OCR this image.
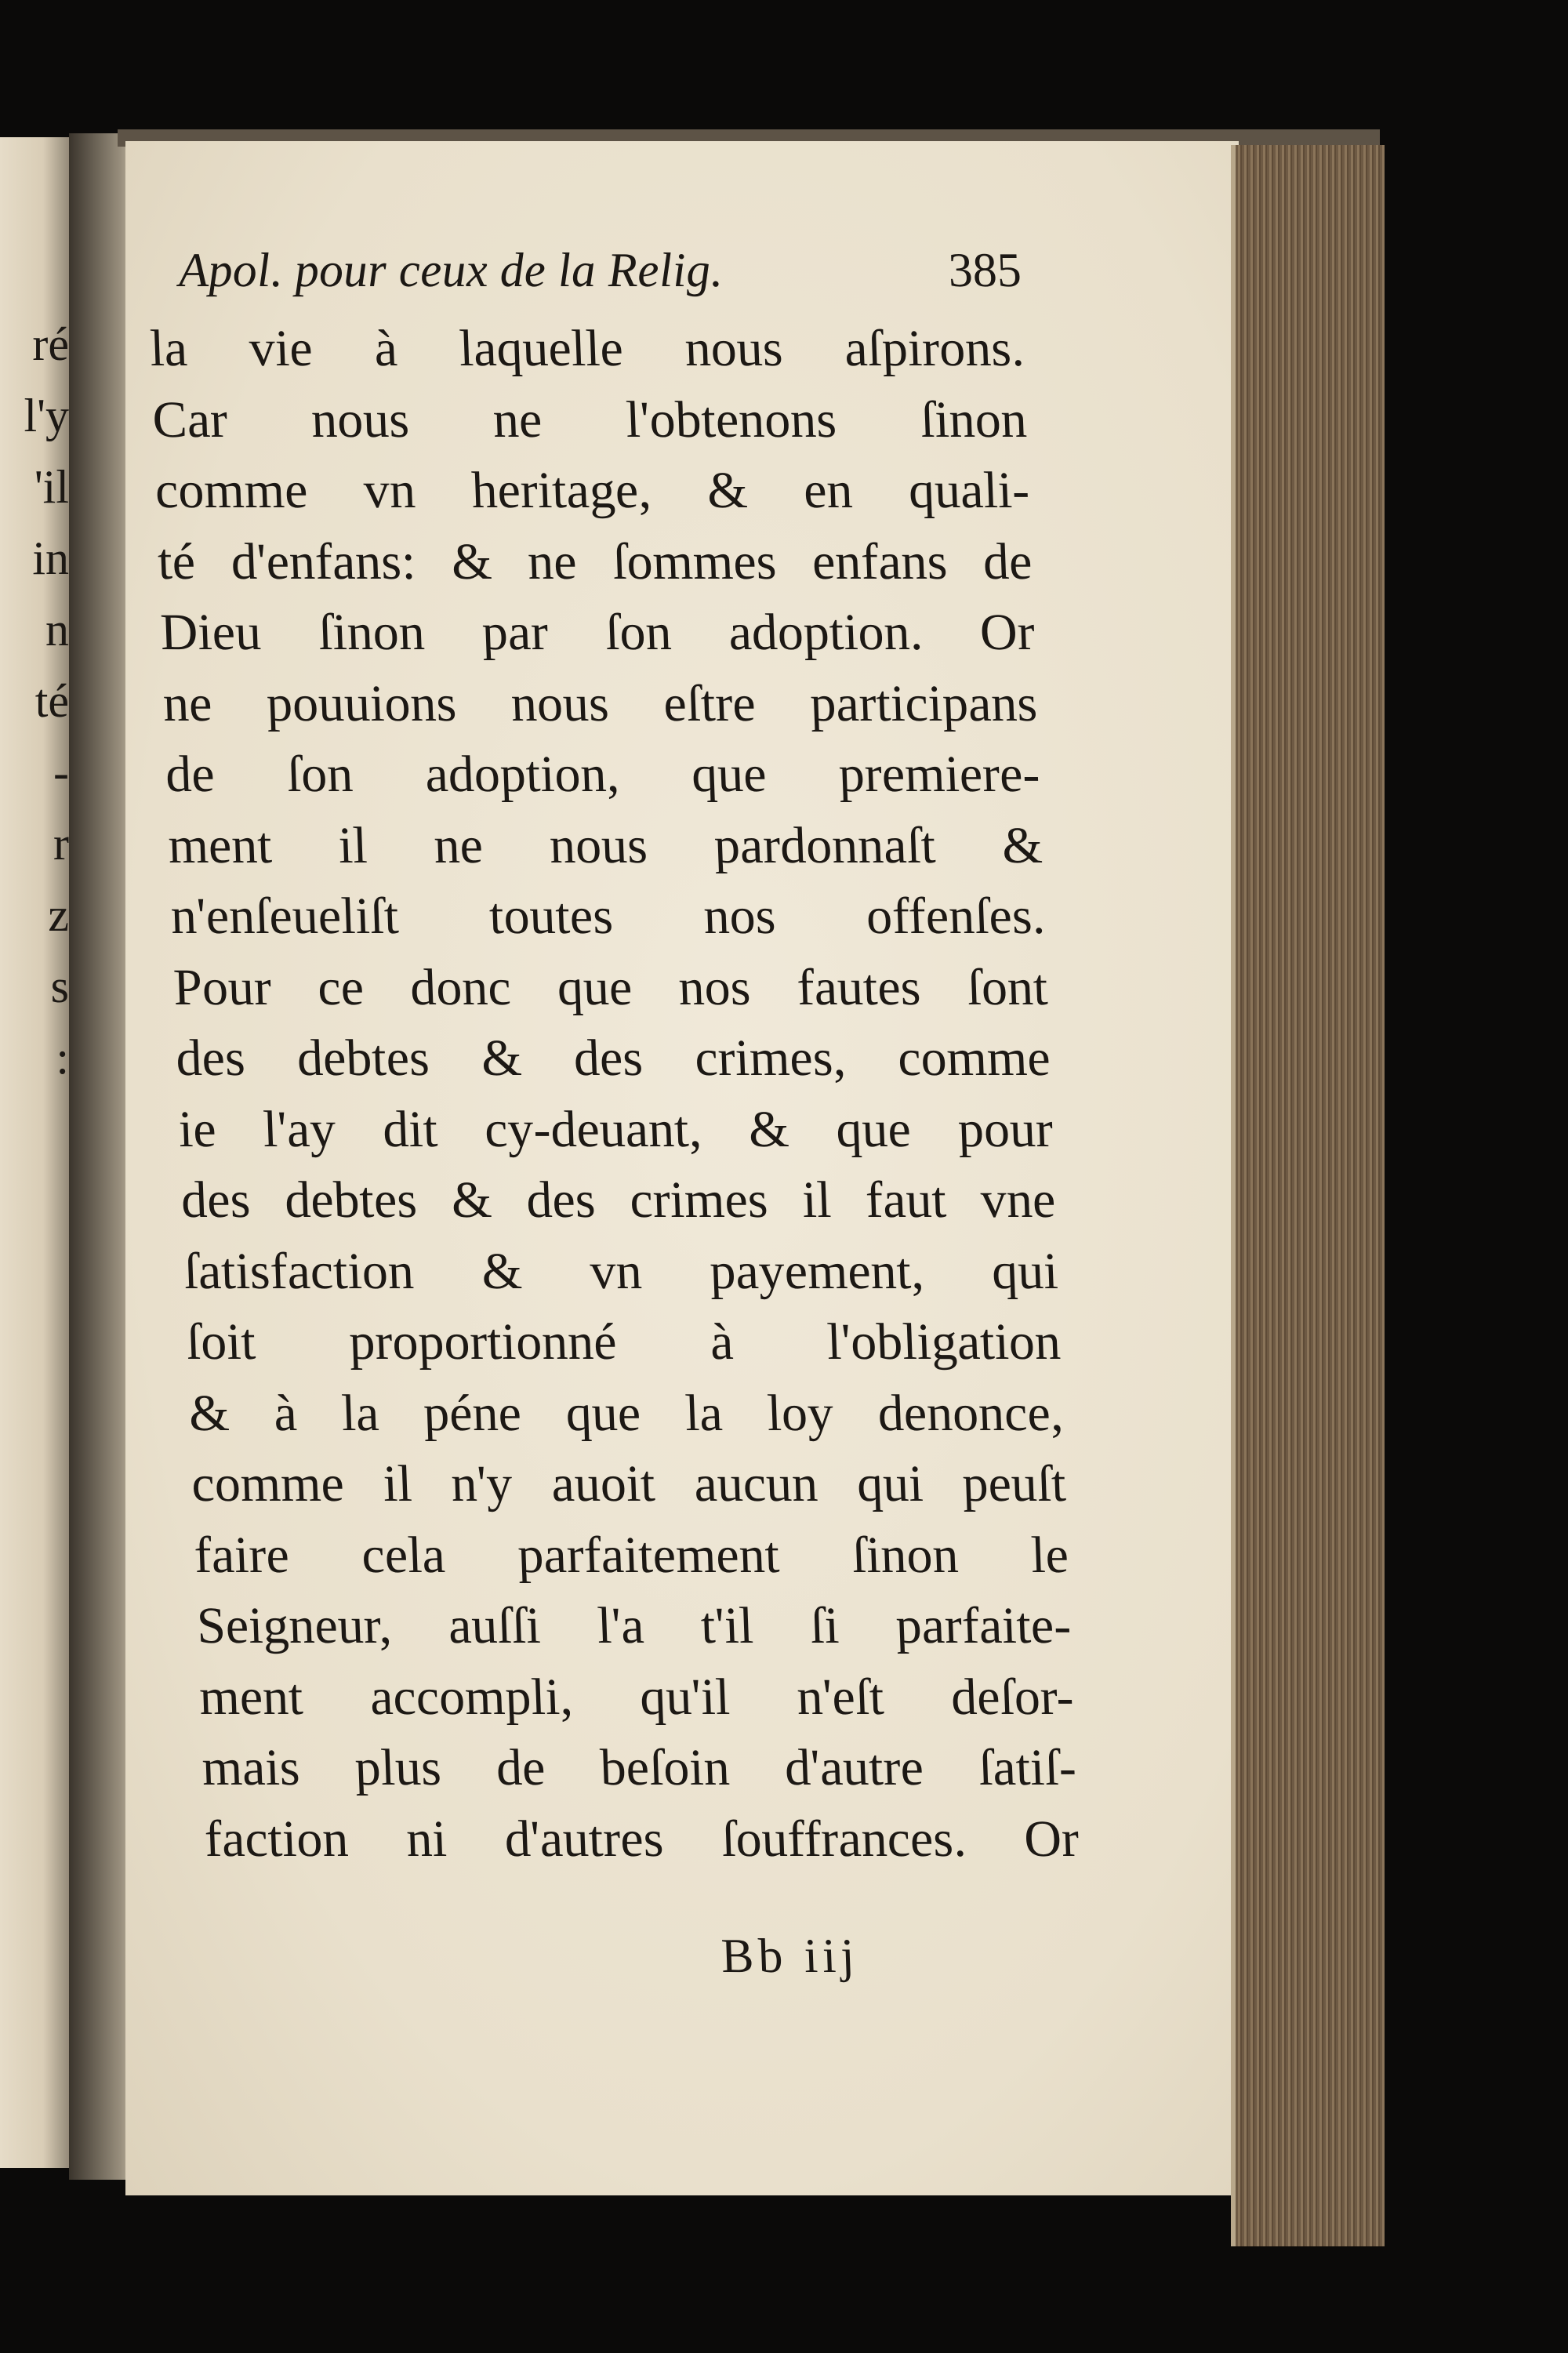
ré
l'y
'il
in
n
té
-
r
z
s
:
Apol. pour ceux de la Relig.	385
la vie à laquelle nous aſpirons.
Car nous ne l'obtenons ſinon
comme vn heritage, & en quali-
té d'enfans: & ne ſommes enfans de
Dieu ſinon par ſon adoption. Or
ne pouuions nous eſtre participans
de ſon adoption, que premiere-
ment il ne nous pardonnaſt &
n'enſeueliſt toutes nos offenſes.
Pour ce donc que nos fautes ſont
des debtes & des crimes, comme
ie l'ay dit cy-deuant, & que pour
des debtes & des crimes il faut vne
ſatisfaction & vn payement, qui
ſoit proportionné à l'obligation
& à la péne que la loy denonce,
comme il n'y auoit aucun qui peuſt
faire cela parfaitement ſinon le
Seigneur, auſſi l'a t'il ſi parfaite-
ment accompli, qu'il n'eſt deſor-
mais plus de beſoin d'autre ſatiſ-
faction ni d'autres ſouffrances. Or
Bb iij
